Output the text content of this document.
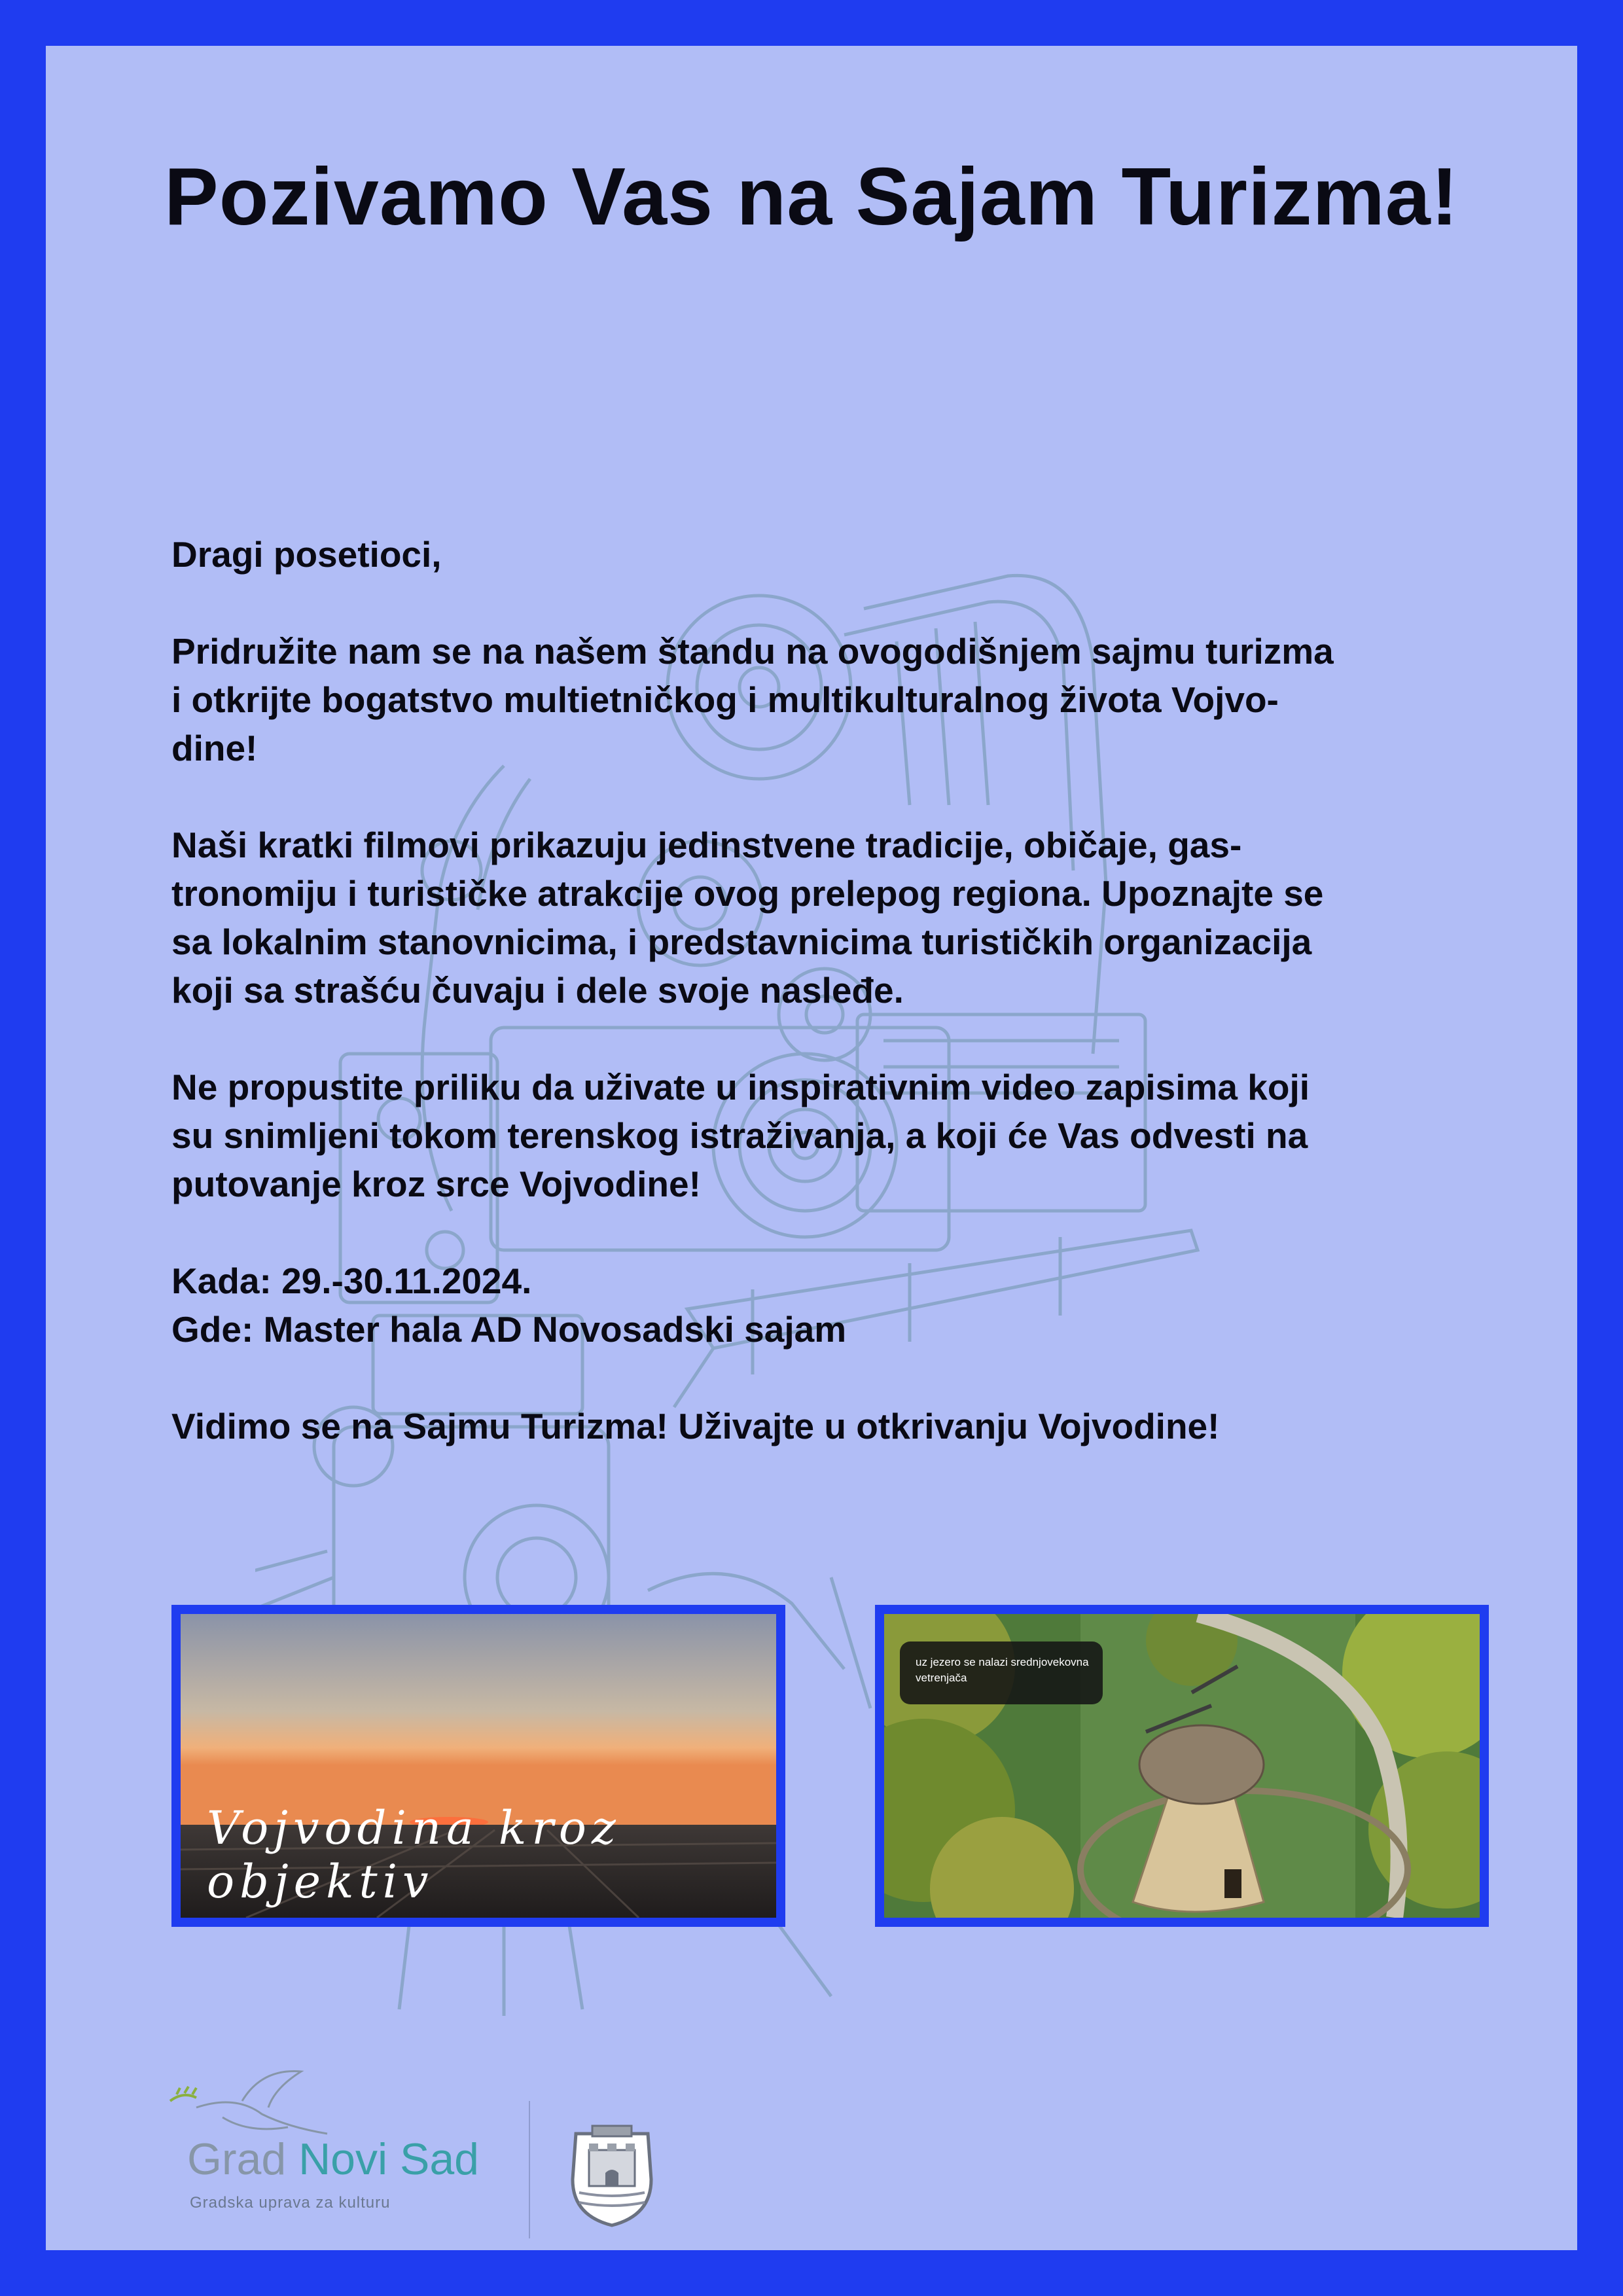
Pozivamo Vas na Sajam Turizma!

Dragi posetioci,

Pridružite nam se na našem štandu na ovogodišnjem sajmu turizma
i otkrijte bogatstvo multietničkog i multikulturalnog života Vojvo-
dine!

Naši kratki filmovi prikazuju jedinstvene tradicije, običaje, gas-
tronomiju i turističke atrakcije ovog prelepog regiona. Upoznajte se
sa lokalnim stanovnicima, i predstavnicima turističkih organizacija
koji sa strašću čuvaju i dele svoje nasleđe.

Ne propustite priliku da uživate u inspirativnim video zapisima koji
su snimljeni tokom terenskog istraživanja, a koji će Vas odvesti na
putovanje kroz srce Vojvodine!

Kada: 29.-30.11.2024.

Gde: Master hala AD Novosadski sajam

Vidimo se na Sajmu Turizma! Uživajte u otkrivanju Vojvodine!

Vojvodina kroz objektiv
uz jezero se nalazi srednjovekovna vetrenjača
Grad Novi Sad
Gradska uprava za kulturu
